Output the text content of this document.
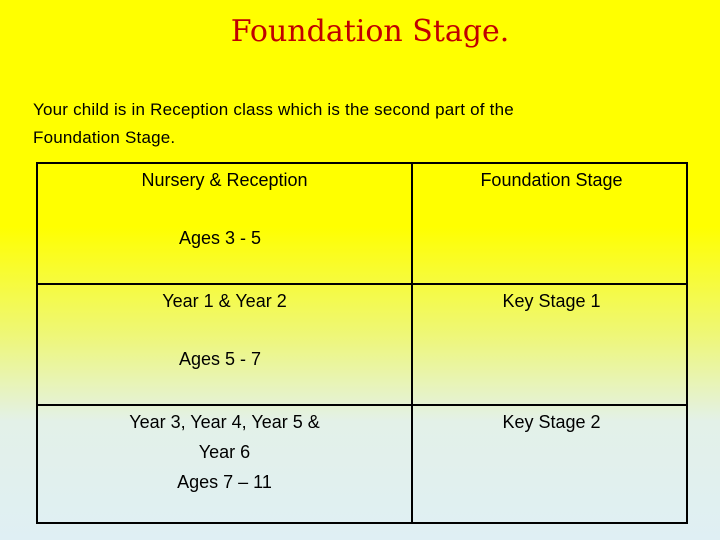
Foundation Stage.
Your child is in Reception class which is the second part of the
Foundation Stage.
Nursery & Reception
Ages 3 - 5
Foundation Stage
Year 1 & Year 2
Ages 5 - 7
Key Stage 1
Year 3, Year 4, Year 5 &
Year 6
Ages 7 – 11
Key Stage 2
